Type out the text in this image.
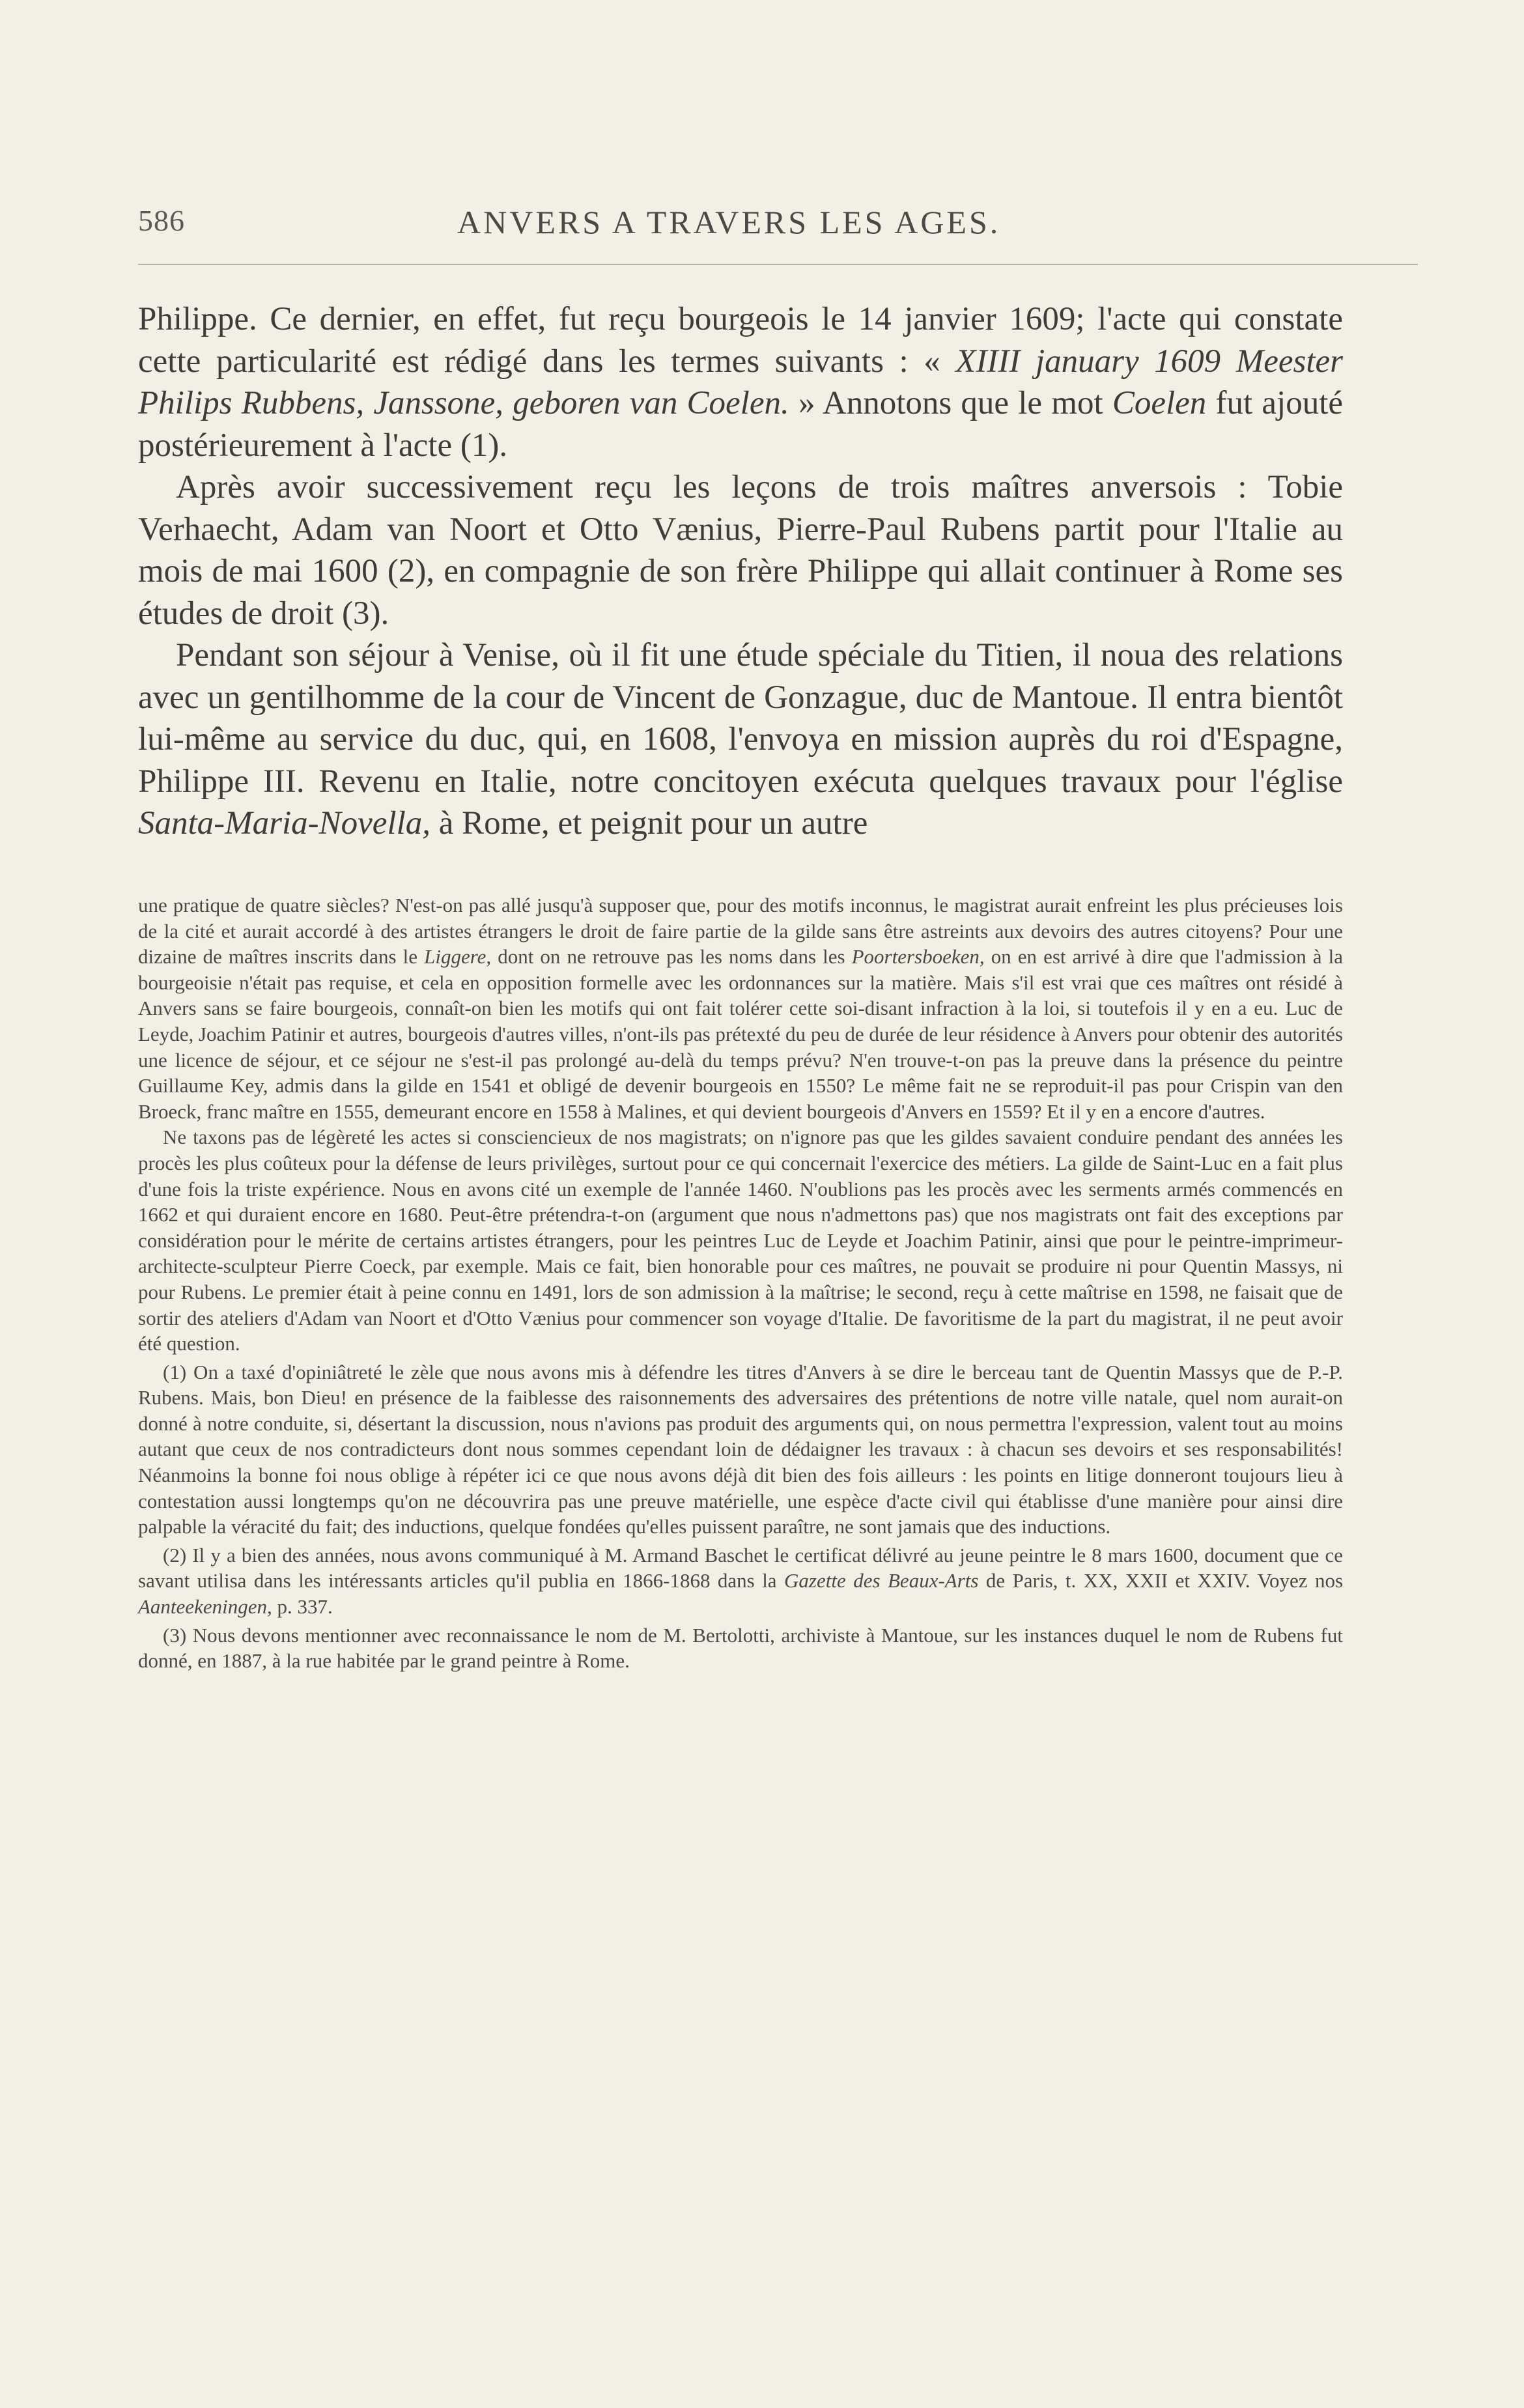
586	ANVERS A TRAVERS LES AGES.

Philippe. Ce dernier, en effet, fut reçu bourgeois le 14 janvier 1609; l'acte qui constate cette particularité est rédigé dans les termes suivants : « XIIII january 1609 Meester Philips Rubbens, Janssone, geboren van Coelen. » Annotons que le mot Coelen fut ajouté postérieurement à l'acte (1).

Après avoir successivement reçu les leçons de trois maîtres anversois : Tobie Verhaecht, Adam van Noort et Otto Vænius, Pierre-Paul Rubens partit pour l'Italie au mois de mai 1600 (2), en compagnie de son frère Philippe qui allait continuer à Rome ses études de droit (3).

Pendant son séjour à Venise, où il fit une étude spéciale du Titien, il noua des relations avec un gentilhomme de la cour de Vincent de Gonzague, duc de Mantoue. Il entra bientôt lui-même au service du duc, qui, en 1608, l'envoya en mission auprès du roi d'Espagne, Philippe III. Revenu en Italie, notre concitoyen exécuta quelques travaux pour l'église Santa-Maria-Novella, à Rome, et peignit pour un autre

une pratique de quatre siècles? N'est-on pas allé jusqu'à supposer que, pour des motifs inconnus, le magistrat aurait enfreint les plus précieuses lois de la cité et aurait accordé à des artistes étrangers le droit de faire partie de la gilde sans être astreints aux devoirs des autres citoyens? Pour une dizaine de maîtres inscrits dans le Liggere, dont on ne retrouve pas les noms dans les Poortersboeken, on en est arrivé à dire que l'admission à la bourgeoisie n'était pas requise, et cela en opposition formelle avec les ordonnances sur la matière. Mais s'il est vrai que ces maîtres ont résidé à Anvers sans se faire bourgeois, connaît-on bien les motifs qui ont fait tolérer cette soi-disant infraction à la loi, si toutefois il y en a eu. Luc de Leyde, Joachim Patinir et autres, bourgeois d'autres villes, n'ont-ils pas prétexté du peu de durée de leur résidence à Anvers pour obtenir des autorités une licence de séjour, et ce séjour ne s'est-il pas prolongé au-delà du temps prévu? N'en trouve-t-on pas la preuve dans la présence du peintre Guillaume Key, admis dans la gilde en 1541 et obligé de devenir bourgeois en 1550? Le même fait ne se reproduit-il pas pour Crispin van den Broeck, franc maître en 1555, demeurant encore en 1558 à Malines, et qui devient bourgeois d'Anvers en 1559? Et il y en a encore d'autres.

Ne taxons pas de légèreté les actes si consciencieux de nos magistrats; on n'ignore pas que les gildes savaient conduire pendant des années les procès les plus coûteux pour la défense de leurs privilèges, surtout pour ce qui concernait l'exercice des métiers. La gilde de Saint-Luc en a fait plus d'une fois la triste expérience. Nous en avons cité un exemple de l'année 1460. N'oublions pas les procès avec les serments armés commencés en 1662 et qui duraient encore en 1680. Peut-être prétendra-t-on (argument que nous n'admettons pas) que nos magistrats ont fait des exceptions par considération pour le mérite de certains artistes étrangers, pour les peintres Luc de Leyde et Joachim Patinir, ainsi que pour le peintre-imprimeur-architecte-sculpteur Pierre Coeck, par exemple. Mais ce fait, bien honorable pour ces maîtres, ne pouvait se produire ni pour Quentin Massys, ni pour Rubens. Le premier était à peine connu en 1491, lors de son admission à la maîtrise; le second, reçu à cette maîtrise en 1598, ne faisait que de sortir des ateliers d'Adam van Noort et d'Otto Vænius pour commencer son voyage d'Italie. De favoritisme de la part du magistrat, il ne peut avoir été question.

(1) On a taxé d'opiniâtreté le zèle que nous avons mis à défendre les titres d'Anvers à se dire le berceau tant de Quentin Massys que de P.-P. Rubens. Mais, bon Dieu! en présence de la faiblesse des raisonnements des adversaires des prétentions de notre ville natale, quel nom aurait-on donné à notre conduite, si, désertant la discussion, nous n'avions pas produit des arguments qui, on nous permettra l'expression, valent tout au moins autant que ceux de nos contradicteurs dont nous sommes cependant loin de dédaigner les travaux : à chacun ses devoirs et ses responsabilités! Néanmoins la bonne foi nous oblige à répéter ici ce que nous avons déjà dit bien des fois ailleurs : les points en litige donneront toujours lieu à contestation aussi longtemps qu'on ne découvrira pas une preuve matérielle, une espèce d'acte civil qui établisse d'une manière pour ainsi dire palpable la véracité du fait; des inductions, quelque fondées qu'elles puissent paraître, ne sont jamais que des inductions.

(2) Il y a bien des années, nous avons communiqué à M. Armand Baschet le certificat délivré au jeune peintre le 8 mars 1600, document que ce savant utilisa dans les intéressants articles qu'il publia en 1866-1868 dans la Gazette des Beaux-Arts de Paris, t. XX, XXII et XXIV. Voyez nos Aanteekeningen, p. 337.

(3) Nous devons mentionner avec reconnaissance le nom de M. Bertolotti, archiviste à Mantoue, sur les instances duquel le nom de Rubens fut donné, en 1887, à la rue habitée par le grand peintre à Rome.
